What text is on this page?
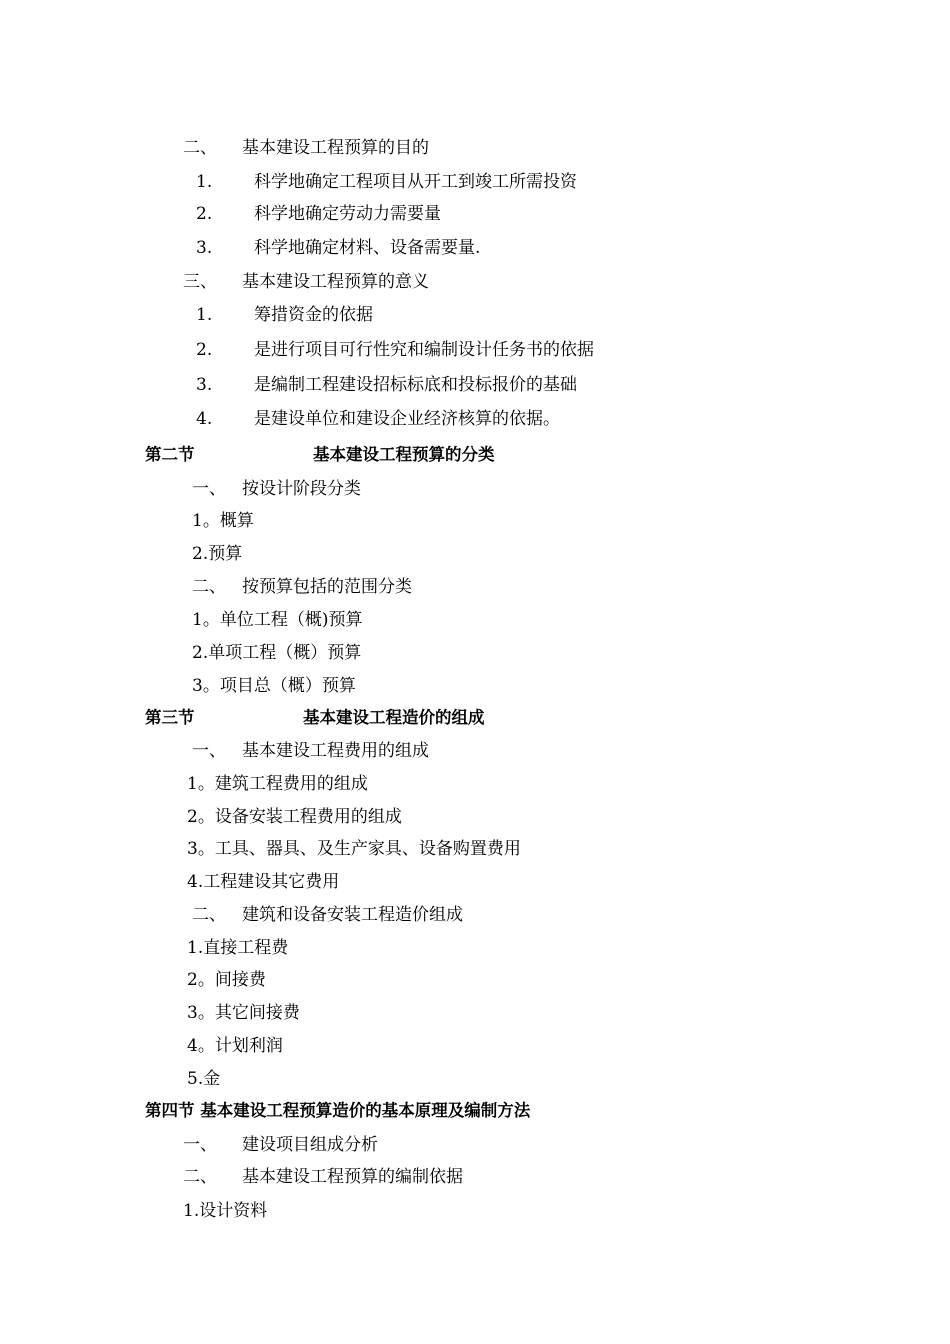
二、 基本建设工程预算的目的
1. 科学地确定工程项目从开工到竣工所需投资
2. 科学地确定劳动力需要量
3. 科学地确定材料、设备需要量.
三、 基本建设工程预算的意义
1. 筹措资金的依据
2. 是进行项目可行性究和编制设计任务书的依据
3. 是编制工程建设招标标底和投标报价的基础
4. 是建设单位和建设企业经济核算的依据。
第二节	基本建设工程预算的分类
一、 按设计阶段分类
1。概算
2.预算
二、 按预算包括的范围分类
1。单位工程（概)预算
2.单项工程（概）预算
3。项目总（概）预算
第三节	基本建设工程造价的组成
一、 基本建设工程费用的组成
1。建筑工程费用的组成
2。设备安装工程费用的组成
3。工具、器具、及生产家具、设备购置费用
4.工程建设其它费用
二、 建筑和设备安装工程造价组成
1.直接工程费
2。间接费
3。其它间接费
4。计划利润
5.金
第四节 基本建设工程预算造价的基本原理及编制方法
一、 建设项目组成分析
二、 基本建设工程预算的编制依据
1.设计资料
